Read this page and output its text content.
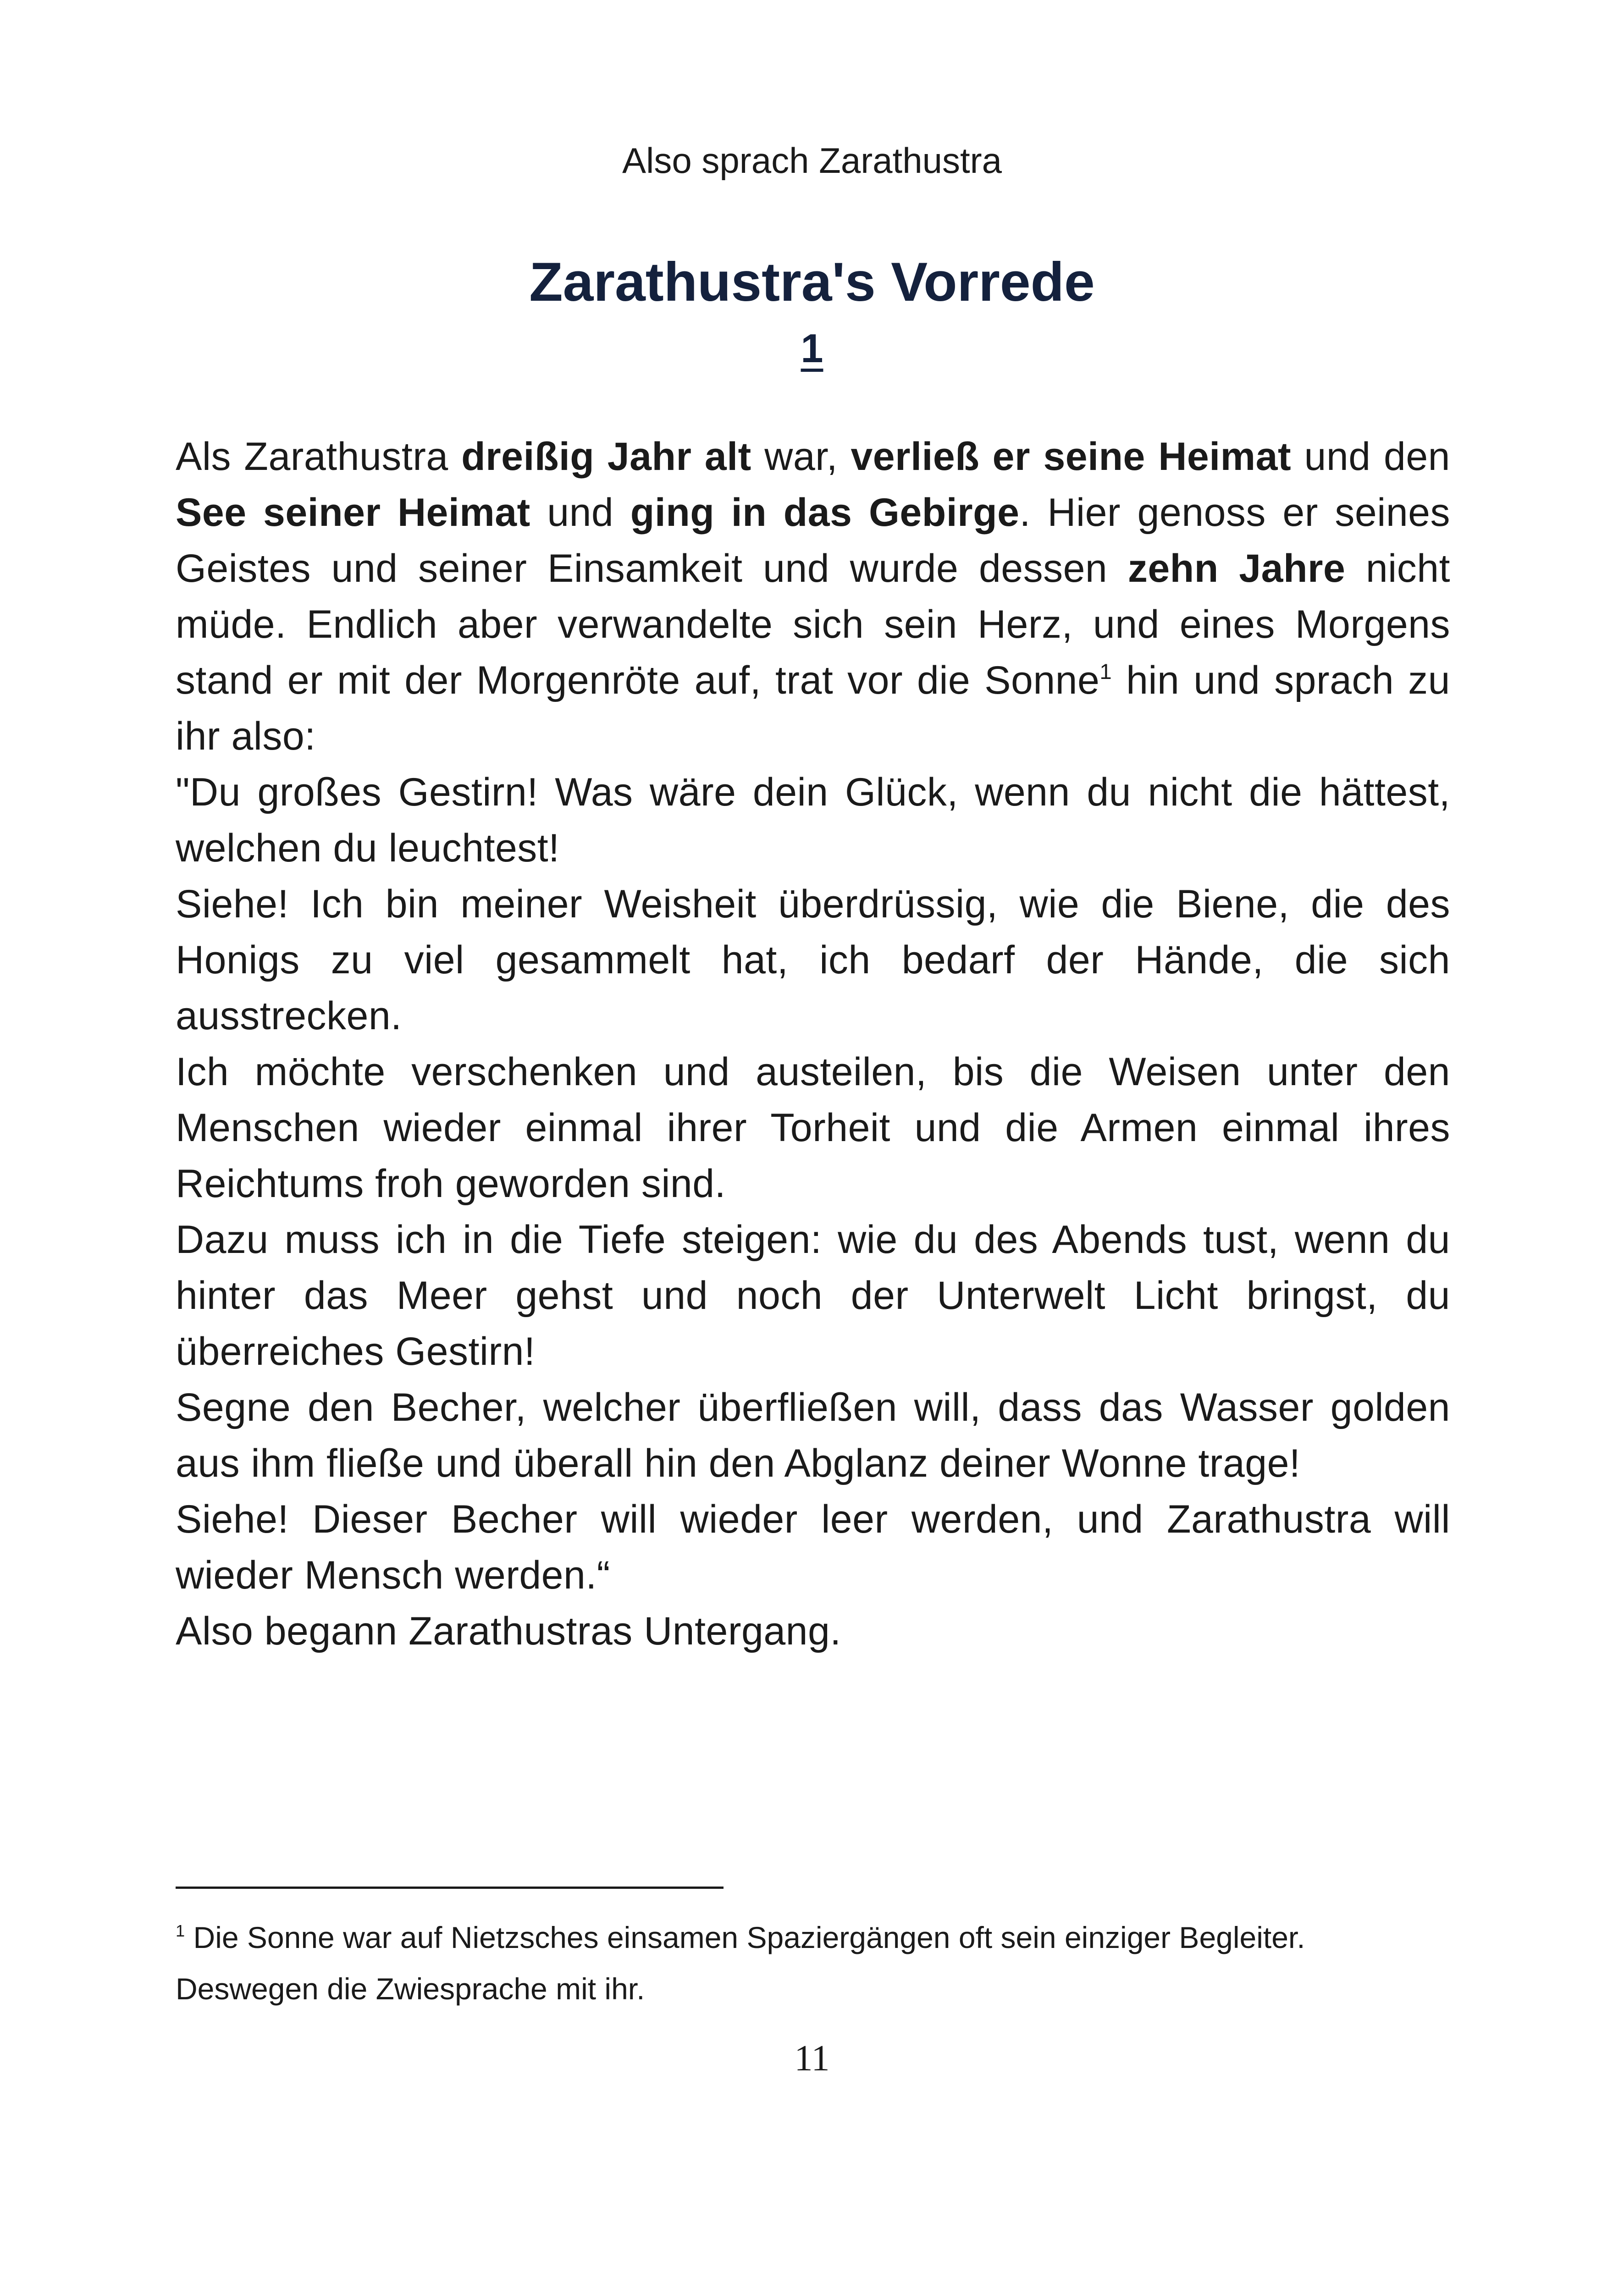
Also sprach Zarathustra
Zarathustra's Vorrede
1

Als Zarathustra dreißig Jahr alt war, verließ er seine Heimat und den See seiner Heimat und ging in das Gebirge. Hier genoss er seines Geistes und seiner Einsamkeit und wurde dessen zehn Jahre nicht müde. Endlich aber verwandelte sich sein Herz, und eines Morgens stand er mit der Morgenröte auf, trat vor die Sonne$^1$ hin und sprach zu ihr also:

"Du großes Gestirn! Was wäre dein Glück, wenn du nicht die hättest, welchen du leuchtest!

Siehe! Ich bin meiner Weisheit überdrüssig, wie die Biene, die des Honigs zu viel gesammelt hat, ich bedarf der Hände, die sich ausstrecken.

Ich möchte verschenken und austeilen, bis die Weisen unter den Menschen wieder einmal ihrer Torheit und die Armen einmal ihres Reichtums froh geworden sind.

Dazu muss ich in die Tiefe steigen: wie du des Abends tust, wenn du hinter das Meer gehst und noch der Unterwelt Licht bringst, du überreiches Gestirn!

Segne den Becher, welcher überfließen will, dass das Wasser golden aus ihm fließe und überall hin den Abglanz deiner Wonne trage!

Siehe! Dieser Becher will wieder leer werden, und Zarathustra will wieder Mensch werden.“

Also begann Zarathustras Untergang.

$^1$ Die Sonne war auf Nietzsches einsamen Spaziergängen oft sein einziger Begleiter. Deswegen die Zwiesprache mit ihr.
11
